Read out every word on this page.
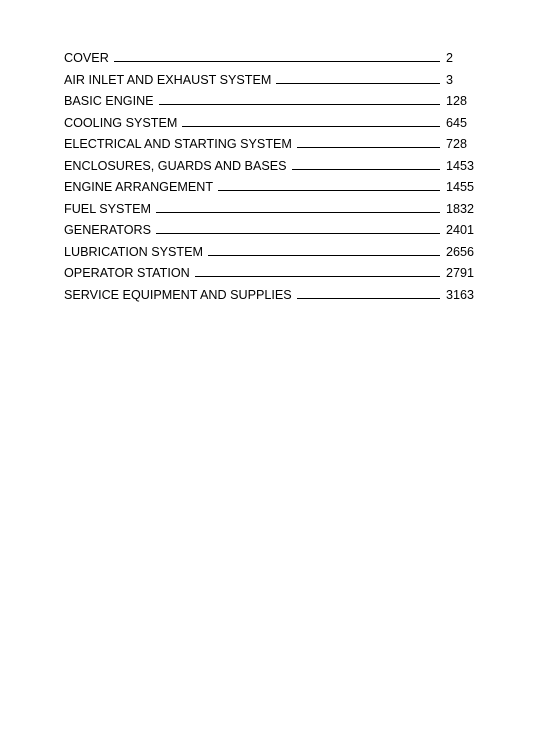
COVER	2
AIR INLET AND EXHAUST SYSTEM	3
BASIC ENGINE	128
COOLING SYSTEM	645
ELECTRICAL AND STARTING SYSTEM	728
ENCLOSURES, GUARDS AND BASES	1453
ENGINE ARRANGEMENT	1455
FUEL SYSTEM	1832
GENERATORS	2401
LUBRICATION SYSTEM	2656
OPERATOR STATION	2791
SERVICE EQUIPMENT AND SUPPLIES	3163
